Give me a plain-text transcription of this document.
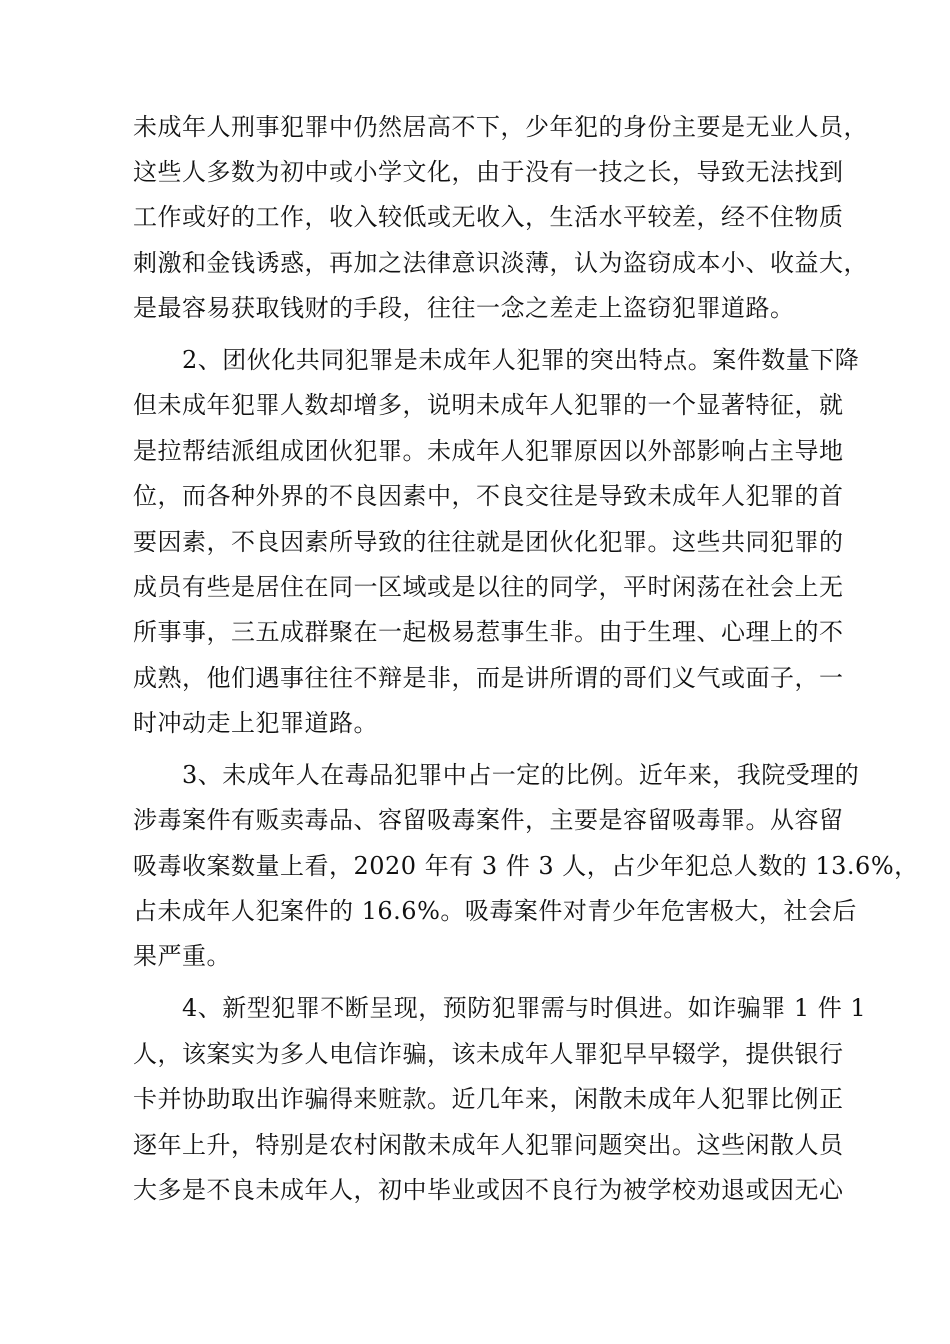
未成年人刑事犯罪中仍然居高不下，少年犯的身份主要是无业人员，
这些人多数为初中或小学文化，由于没有一技之长，导致无法找到
工作或好的工作，收入较低或无收入，生活水平较差，经不住物质
刺激和金钱诱惑，再加之法律意识淡薄，认为盗窃成本小、收益大，
是最容易获取钱财的手段，往往一念之差走上盗窃犯罪道路。
2、团伙化共同犯罪是未成年人犯罪的突出特点。案件数量下降
但未成年犯罪人数却增多，说明未成年人犯罪的一个显著特征，就
是拉帮结派组成团伙犯罪。未成年人犯罪原因以外部影响占主导地
位，而各种外界的不良因素中，不良交往是导致未成年人犯罪的首
要因素，不良因素所导致的往往就是团伙化犯罪。这些共同犯罪的
成员有些是居住在同一区域或是以往的同学，平时闲荡在社会上无
所事事，三五成群聚在一起极易惹事生非。由于生理、心理上的不
成熟，他们遇事往往不辩是非，而是讲所谓的哥们义气或面子，一
时冲动走上犯罪道路。
3、未成年人在毒品犯罪中占一定的比例。近年来，我院受理的
涉毒案件有贩卖毒品、容留吸毒案件，主要是容留吸毒罪。从容留
吸毒收案数量上看，2020 年有 3 件 3 人，占少年犯总人数的 13.6%，
占未成年人犯案件的 16.6%。吸毒案件对青少年危害极大，社会后
果严重。
4、新型犯罪不断呈现，预防犯罪需与时俱进。如诈骗罪 1 件 1
人，该案实为多人电信诈骗，该未成年人罪犯早早辍学，提供银行
卡并协助取出诈骗得来赃款。近几年来，闲散未成年人犯罪比例正
逐年上升，特别是农村闲散未成年人犯罪问题突出。这些闲散人员
大多是不良未成年人，初中毕业或因不良行为被学校劝退或因无心
